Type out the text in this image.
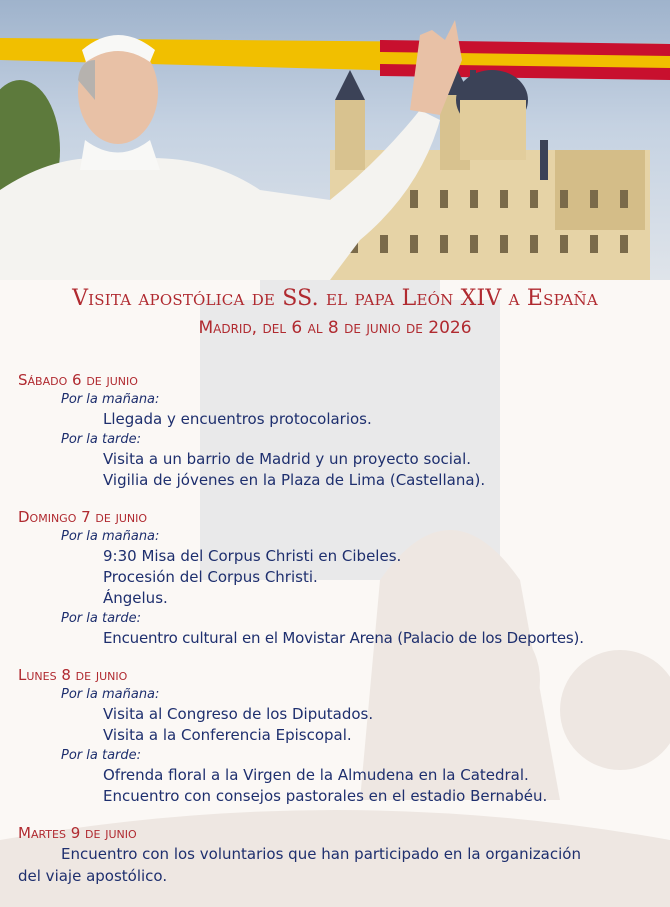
Visita apostólica de SS. el papa León XIV a España
Madrid, del 6 al 8 de junio de 2026
Sábado 6 de junio
Por la mañana:
Llegada y encuentros protocolarios.
Por la tarde:
Visita a un barrio de Madrid y un proyecto social.
Vigilia de jóvenes en la Plaza de Lima (Castellana).
Domingo 7 de junio
Por la mañana:
9:30 Misa del Corpus Christi en Cibeles.
Procesión del Corpus Christi.
Ángelus.
Por la tarde:
Encuentro cultural en el Movistar Arena (Palacio de los Deportes).
Lunes 8 de junio
Por la mañana:
Visita al Congreso de los Diputados.
Visita a la Conferencia Episcopal.
Por la tarde:
Ofrenda floral a la Virgen de la Almudena en la Catedral.
Encuentro con consejos pastorales en el estadio Bernabéu.
Martes 9 de junio
Encuentro con los voluntarios que han participado en la organización
del viaje apostólico.
